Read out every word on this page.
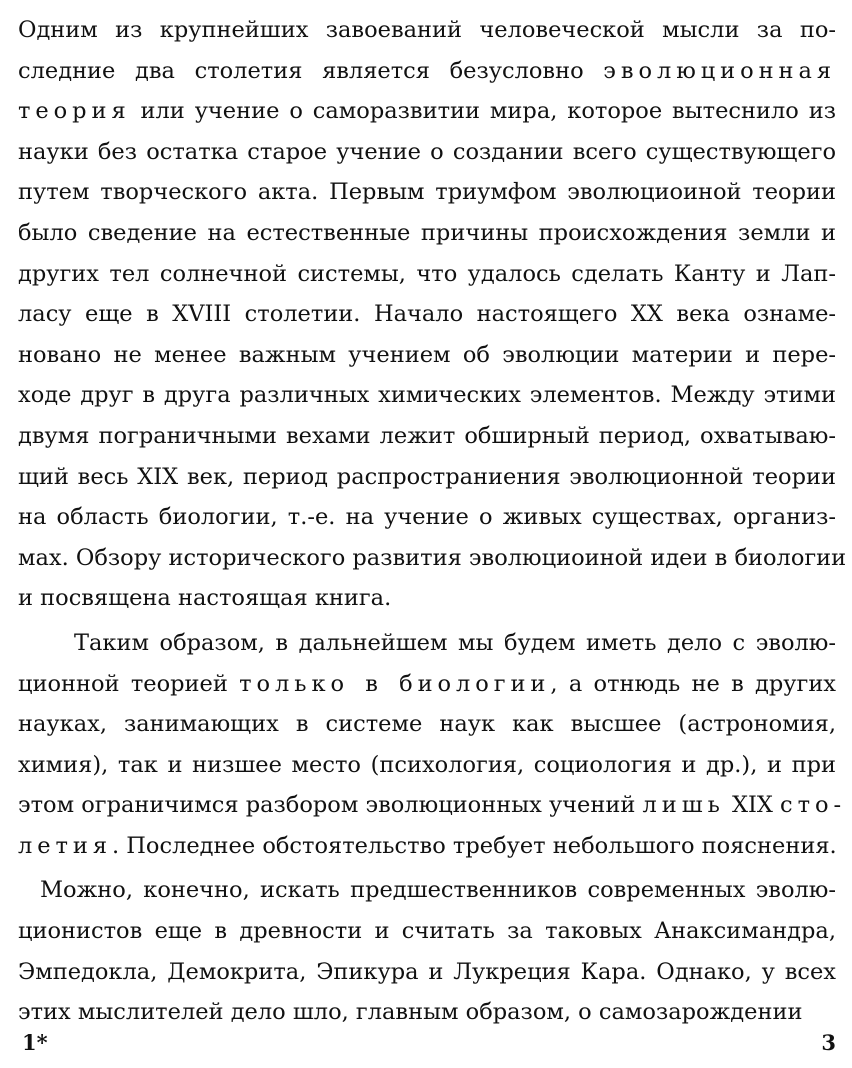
Одним из крупнейших завоеваний человеческой мысли за по-
следние два столетия является безусловно эволюционная
теория или учение о саморазвитии мира, которое вытеснило из
науки без остатка старое учение о создании всего существующего
путем творческого акта. Первым триумфом эволюциоиной теории
было сведение на естественные причины происхождения земли и
других тел солнечной системы, что удалось сделать Канту и Лап-
ласу еще в XVIII столетии. Начало настоящего XX века ознаме-
новано не менее важным учением об эволюции материи и пере-
ходе друг в друга различных химических элементов. Между этими
двумя пограничными вехами лежит обширный период, охватываю-
щий весь XIX век, период распространиения эволюционной теории
на область биологии, т.-е. на учение о живых существах, организ-
мах. Обзору исторического развития эволюциоиной идеи в биологии
и посвящена настоящая книга.
Таким образом, в дальнейшем мы будем иметь дело с эволю-
ционной теорией только в биологии, а отнюдь не в других
науках, занимающих в системе наук как высшее (астрономия,
химия), так и низшее место (психология, социология и др.), и при
этом ограничимся разбором эволюционных учений лишь XIX сто-
летия. Последнее обстоятельство требует небольшого пояснения.
Можно, конечно, искать предшественников современных эволю-
ционистов еще в древности и считать за таковых Анаксимандра,
Эмпедокла, Демокрита, Эпикура и Лукреция Кара. Однако, у всех
этих мыслителей дело шло, главным образом, о самозарождении
1*	3
